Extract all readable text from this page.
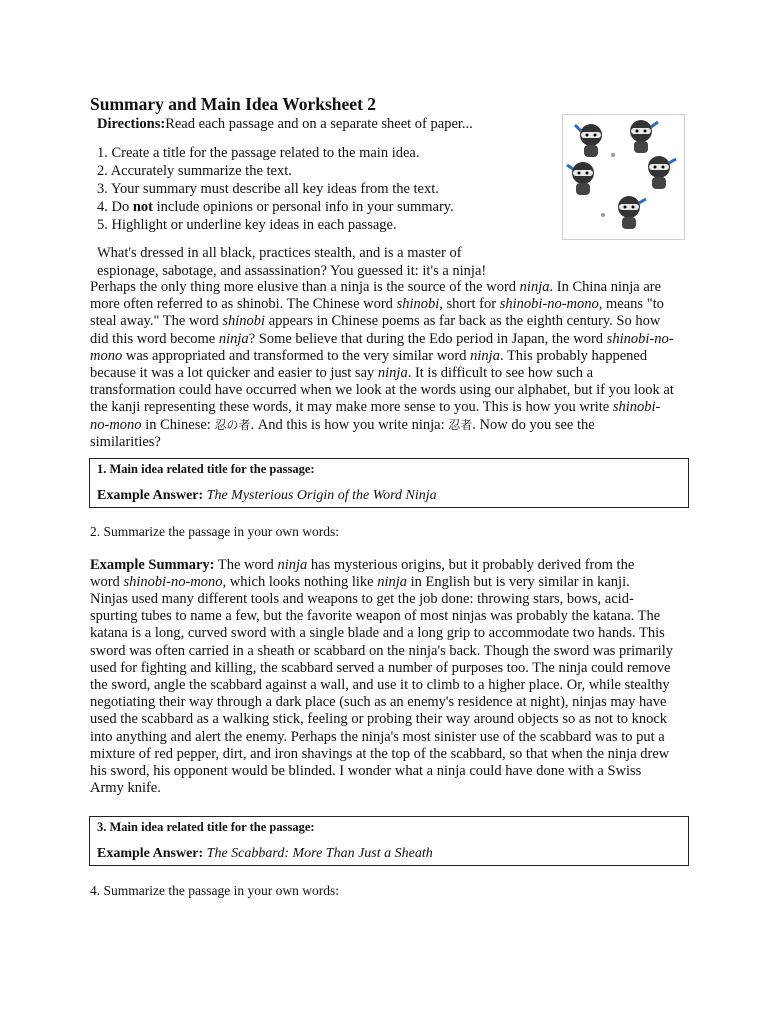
Summary and Main Idea Worksheet 2
Directions:Read each passage and on a separate sheet of paper...
1. Create a title for the passage related to the main idea.
2. Accurately summarize the text.
3. Your summary must describe all key ideas from the text.
4. Do not include opinions or personal info in your summary.
5. Highlight or underline key ideas in each passage.
What's dressed in all black, practices stealth, and is a master of
espionage, sabotage, and assassination? You guessed it: it's a ninja!
Perhaps the only thing more elusive than a ninja is the source of the word ninja. In China ninja are
more often referred to as shinobi. The Chinese word shinobi, short for shinobi-no-mono, means "to
steal away." The word shinobi appears in Chinese poems as far back as the eighth century. So how
did this word become ninja? Some believe that during the Edo period in Japan, the word shinobi-no-
mono was appropriated and transformed to the very similar word ninja. This probably happened
because it was a lot quicker and easier to just say ninja. It is difficult to see how such a
transformation could have occurred when we look at the words using our alphabet, but if you look at
the kanji representing these words, it may make more sense to you. This is how you write shinobi-
no-mono in Chinese: 忍の者. And this is how you write ninja: 忍者. Now do you see the
similarities?
1. Main idea related title for the passage:
Example Answer: The Mysterious Origin of the Word Ninja
2. Summarize the passage in your own words:
Example Summary: The word ninja has mysterious origins, but it probably derived from the
word shinobi-no-mono, which looks nothing like ninja in English but is very similar in kanji.
Ninjas used many different tools and weapons to get the job done: throwing stars, bows, acid-
spurting tubes to name a few, but the favorite weapon of most ninjas was probably the katana. The
katana is a long, curved sword with a single blade and a long grip to accommodate two hands. This
sword was often carried in a sheath or scabbard on the ninja's back. Though the sword was primarily
used for fighting and killing, the scabbard served a number of purposes too. The ninja could remove
the sword, angle the scabbard against a wall, and use it to climb to a higher place. Or, while stealthy
negotiating their way through a dark place (such as an enemy's residence at night), ninjas may have
used the scabbard as a walking stick, feeling or probing their way around objects so as not to knock
into anything and alert the enemy. Perhaps the ninja's most sinister use of the scabbard was to put a
mixture of red pepper, dirt, and iron shavings at the top of the scabbard, so that when the ninja drew
his sword, his opponent would be blinded. I wonder what a ninja could have done with a Swiss
Army knife.
3. Main idea related title for the passage:
Example Answer: The Scabbard: More Than Just a Sheath
4. Summarize the passage in your own words:
